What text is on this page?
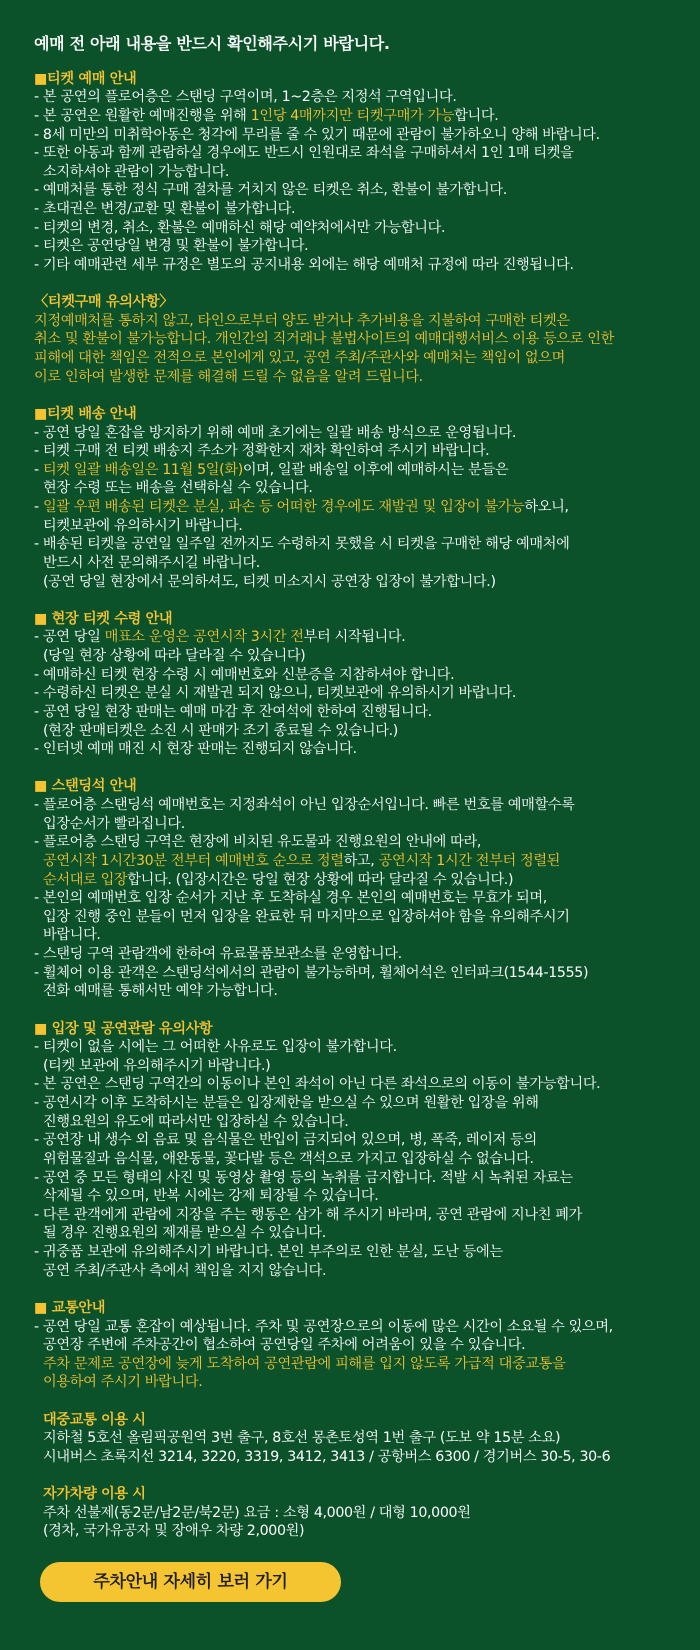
예매 전 아래 내용을 반드시 확인해주시기 바랍니다.
■티켓 예매 안내
- 본 공연의 플로어층은 스탠딩 구역이며, 1~2층은 지정석 구역입니다.
- 본 공연은 원활한 예매진행을 위해 1인당 4매까지만 티켓구매가 가능합니다.
- 8세 미만의 미취학아동은 청각에 무리를 줄 수 있기 때문에 관람이 불가하오니 양해 바랍니다.
- 또한 아동과 함께 관람하실 경우에도 반드시 인원대로 좌석을 구매하셔서 1인 1매 티켓을
소지하셔야 관람이 가능합니다.
- 예매처를 통한 정식 구매 절차를 거치지 않은 티켓은 취소, 환불이 불가합니다.
- 초대권은 변경/교환 및 환불이 불가합니다.
- 티켓의 변경, 취소, 환불은 예매하신 해당 예약처에서만 가능합니다.
- 티켓은 공연당일 변경 및 환불이 불가합니다.
- 기타 예매관련 세부 규정은 별도의 공지내용 외에는 해당 예매처 규정에 따라 진행됩니다.
〈티켓구매 유의사항〉
지정예매처를 통하지 않고, 타인으로부터 양도 받거나 추가비용을 지불하여 구매한 티켓은
취소 및 환불이 불가능합니다. 개인간의 직거래나 불법사이트의 예매대행서비스 이용 등으로 인한
피해에 대한 책임은 전적으로 본인에게 있고, 공연 주최/주관사와 예매처는 책임이 없으며
이로 인하여 발생한 문제를 해결해 드릴 수 없음을 알려 드립니다.
■티켓 배송 안내
- 공연 당일 혼잡을 방지하기 위해 예매 초기에는 일괄 배송 방식으로 운영됩니다.
- 티켓 구매 전 티켓 배송지 주소가 정확한지 재차 확인하여 주시기 바랍니다.
- 티켓 일괄 배송일은 11월 5일(화)이며, 일괄 배송일 이후에 예매하시는 분들은
현장 수령 또는 배송을 선택하실 수 있습니다.
- 일괄 우편 배송된 티켓은 분실, 파손 등 어떠한 경우에도 재발권 및 입장이 불가능하오니,
티켓보관에 유의하시기 바랍니다.
- 배송된 티켓을 공연일 일주일 전까지도 수령하지 못했을 시 티켓을 구매한 해당 예매처에
반드시 사전 문의해주시길 바랍니다.
(공연 당일 현장에서 문의하셔도, 티켓 미소지시 공연장 입장이 불가합니다.)
■ 현장 티켓 수령 안내
- 공연 당일 매표소 운영은 공연시작 3시간 전부터 시작됩니다.
(당일 현장 상황에 따라 달라질 수 있습니다)
- 예매하신 티켓 현장 수령 시 예매번호와 신분증을 지참하셔야 합니다.
- 수령하신 티켓은 분실 시 재발권 되지 않으니, 티켓보관에 유의하시기 바랍니다.
- 공연 당일 현장 판매는 예매 마감 후 잔여석에 한하여 진행됩니다.
(현장 판매티켓은 소진 시 판매가 조기 종료될 수 있습니다.)
- 인터넷 예매 매진 시 현장 판매는 진행되지 않습니다.
■ 스탠딩석 안내
- 플로어층 스탠딩석 예매번호는 지정좌석이 아닌 입장순서입니다. 빠른 번호를 예매할수록
입장순서가 빨라집니다.
- 플로어층 스탠딩 구역은 현장에 비치된 유도물과 진행요원의 안내에 따라,
공연시작 1시간30분 전부터 예매번호 순으로 정렬하고, 공연시작 1시간 전부터 정렬된
순서대로 입장합니다. (입장시간은 당일 현장 상황에 따라 달라질 수 있습니다.)
- 본인의 예매번호 입장 순서가 지난 후 도착하실 경우 본인의 예매번호는 무효가 되며,
입장 진행 중인 분들이 먼저 입장을 완료한 뒤 마지막으로 입장하셔야 함을 유의해주시기
바랍니다.
- 스탠딩 구역 관람객에 한하여 유료물품보관소를 운영합니다.
- 휠체어 이용 관객은 스탠딩석에서의 관람이 불가능하며, 휠체어석은 인터파크(1544-1555)
전화 예매를 통해서만 예약 가능합니다.
■ 입장 및 공연관람 유의사항
- 티켓이 없을 시에는 그 어떠한 사유로도 입장이 불가합니다.
(티켓 보관에 유의해주시기 바랍니다.)
- 본 공연은 스탠딩 구역간의 이동이나 본인 좌석이 아닌 다른 좌석으로의 이동이 불가능합니다.
- 공연시각 이후 도착하시는 분들은 입장제한을 받으실 수 있으며 원활한 입장을 위해
진행요원의 유도에 따라서만 입장하실 수 있습니다.
- 공연장 내 생수 외 음료 및 음식물은 반입이 금지되어 있으며, 병, 폭죽, 레이저 등의
위험물질과 음식물, 애완동물, 꽃다발 등은 객석으로 가지고 입장하실 수 없습니다.
- 공연 중 모든 형태의 사진 및 동영상 촬영 등의 녹취를 금지합니다. 적발 시 녹취된 자료는
삭제될 수 있으며, 반복 시에는 강제 퇴장될 수 있습니다.
- 다른 관객에게 관람에 지장을 주는 행동은 삼가 해 주시기 바라며, 공연 관람에 지나친 폐가
될 경우 진행요원의 제재를 받으실 수 있습니다.
- 귀중품 보관에 유의해주시기 바랍니다. 본인 부주의로 인한 분실, 도난 등에는
공연 주최/주관사 측에서 책임을 지지 않습니다.
■ 교통안내
- 공연 당일 교통 혼잡이 예상됩니다. 주차 및 공연장으로의 이동에 많은 시간이 소요될 수 있으며,
공연장 주변에 주차공간이 협소하여 공연당일 주차에 어려움이 있을 수 있습니다.
주차 문제로 공연장에 늦게 도착하여 공연관람에 피해를 입지 않도록 가급적 대중교통을
이용하여 주시기 바랍니다.
대중교통 이용 시
지하철 5호선 올림픽공원역 3번 출구, 8호선 몽촌토성역 1번 출구 (도보 약 15분 소요)
시내버스 초록지선 3214, 3220, 3319, 3412, 3413 / 공항버스 6300 / 경기버스 30-5, 30-6
자가차량 이용 시
주차 선불제(동2문/남2문/북2문) 요금 : 소형 4,000원 / 대형 10,000원
(경차, 국가유공자 및 장애우 차량 2,000원)
주차안내 자세히 보러 가기
